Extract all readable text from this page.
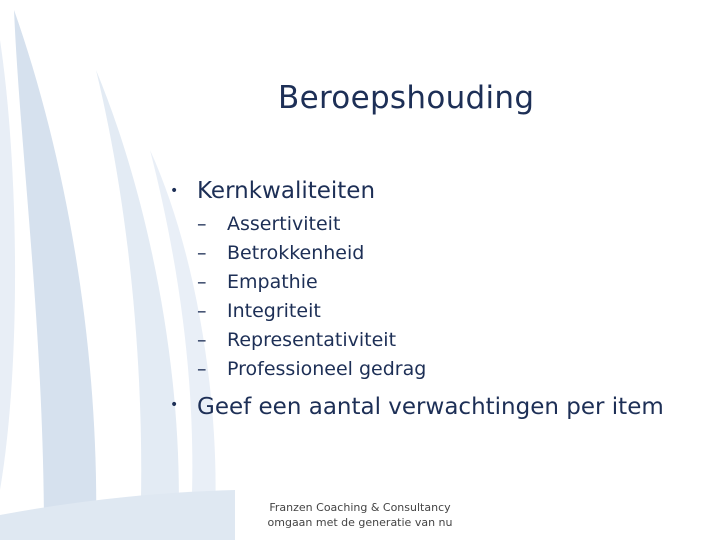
Beroepshouding
• Kernkwaliteiten
– Assertiviteit
– Betrokkenheid
– Empathie
– Integriteit
– Representativiteit
– Professioneel gedrag
• Geef een aantal verwachtingen per item
Franzen Coaching & Consultancy
omgaan met de generatie van nu
